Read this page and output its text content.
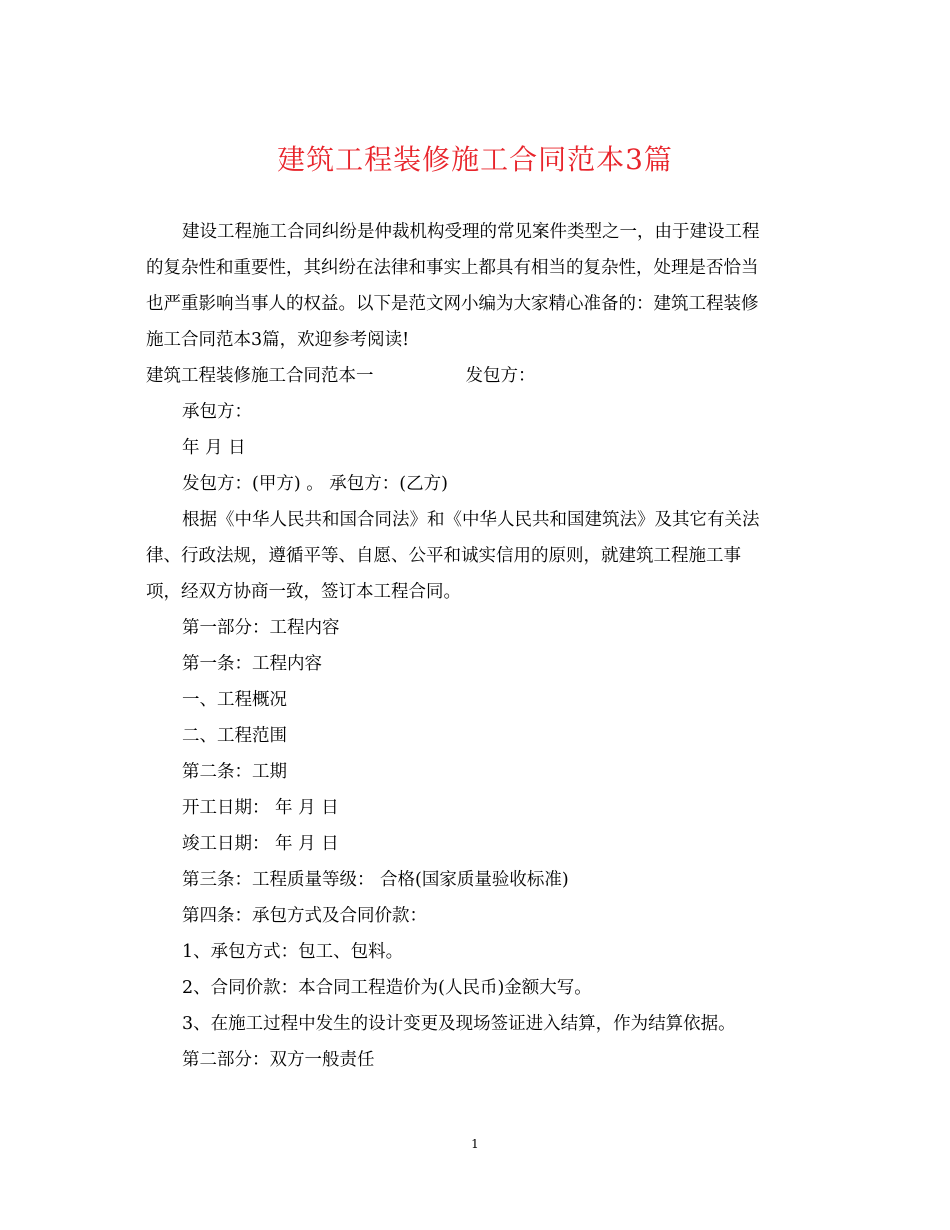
建筑工程装修施工合同范本3篇

建设工程施工合同纠纷是仲裁机构受理的常见案件类型之一，由于建设工程

的复杂性和重要性，其纠纷在法律和事实上都具有相当的复杂性，处理是否恰当

也严重影响当事人的权益。以下是范文网小编为大家精心准备的：建筑工程装修

施工合同范本3篇，欢迎参考阅读!

建筑工程装修施工合同范本一	发包方：

承包方：

年 月 日

发包方：(甲方) 。 承包方：(乙方)

根据《中华人民共和国合同法》和《中华人民共和国建筑法》及其它有关法

律、行政法规，遵循平等、自愿、公平和诚实信用的原则，就建筑工程施工事

项，经双方协商一致，签订本工程合同。

第一部分：工程内容

第一条：工程内容

一、工程概况

二、工程范围

第二条：工期

开工日期： 年 月 日

竣工日期： 年 月 日

第三条：工程质量等级： 合格(国家质量验收标准)

第四条：承包方式及合同价款：

1、承包方式：包工、包料。

2、合同价款：本合同工程造价为(人民币)金额大写。

3、在施工过程中发生的设计变更及现场签证进入结算，作为结算依据。

第二部分：双方一般责任

1
